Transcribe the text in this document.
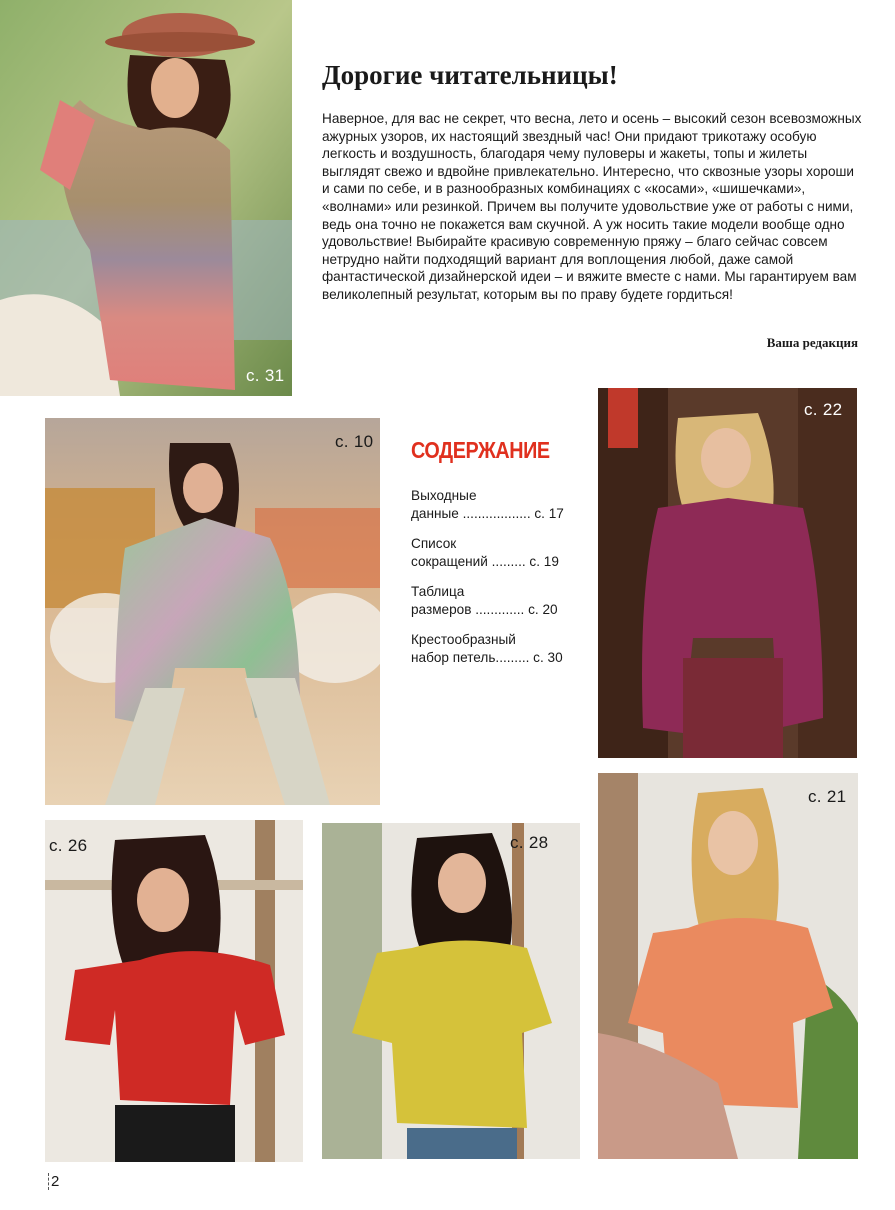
с. 31
Дорогие читательницы!

Наверное, для вас не секрет, что весна, лето и осень – высокий сезон всевозможных ажурных узоров, их настоящий звездный час! Они придают трикотажу особую легкость и воздушность, благодаря чему пуловеры и жакеты, топы и жилеты выглядят свежо и вдвойне привлекательно. Интересно, что сквозные узоры хороши и сами по себе, и в разнообразных комбинациях с «косами», «шишечками», «волнами» или резинкой. Причем вы получите удовольствие уже от работы с ними, ведь она точно не покажется вам скучной. А уж носить такие модели вообще одно удовольствие! Выбирайте красивую современную пряжу – благо сейчас совсем нетрудно найти подходящий вариант для воплощения любой, даже самой фантастической дизайнерской идеи – и вяжите вместе с нами. Мы гарантируем вам великолепный результат, которым вы по праву будете гордиться!

Ваша редакция
с. 10 СОДЕРЖАНИЕ
Выходные
данные .................. с. 17
Список
сокращений ......... с. 19
Таблица
размеров ............. с. 20
Крестообразный
набор петель......... с. 30
с. 22
с. 26	с. 28
с. 21
2
